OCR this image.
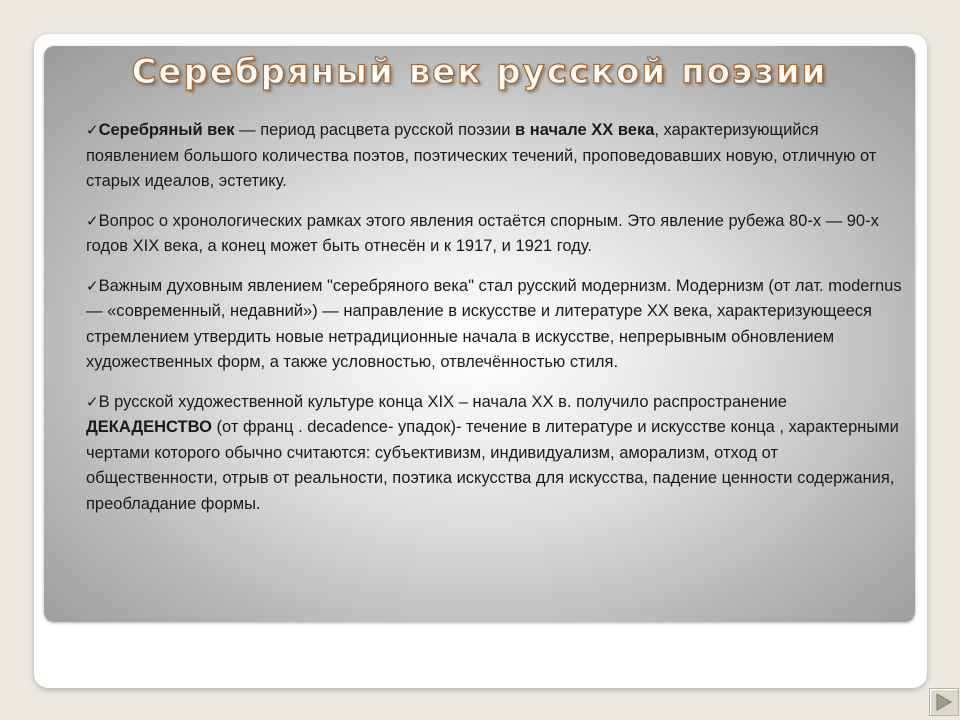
Серебряный век русской поэзии

✓Серебряный век — период расцвета русской поэзии в начале XX века, характеризующийся появлением большого количества поэтов, поэтических течений, проповедовавших новую, отличную от старых идеалов, эстетику.

✓Вопрос о хронологических рамках этого явления остаётся спорным. Это явление рубежа 80-х — 90-х годов XIX века, а конец может быть отнесён и к 1917, и 1921 году.

✓Важным духовным явлением "серебряного века" стал русский модернизм. Модернизм (от лат. modernus— «современный, недавний») — направление в искусстве и литературе XX века, характеризующееся стремлением утвердить новые нетрадиционные начала в искусстве, непрерывным обновлением художественных форм, а также условностью, отвлечённостью стиля.

✓В русской художественной культуре конца XIX – начала XX в. получило распространение ДЕКАДЕНСТВО (от франц . decadence- упадок)- течение в литературе и искусстве конца , характерными чертами которого обычно считаются: субъективизм, индивидуализм, аморализм, отход от общественности, отрыв от реальности, поэтика искусства для искусства, падение ценности содержания, преобладание формы.
